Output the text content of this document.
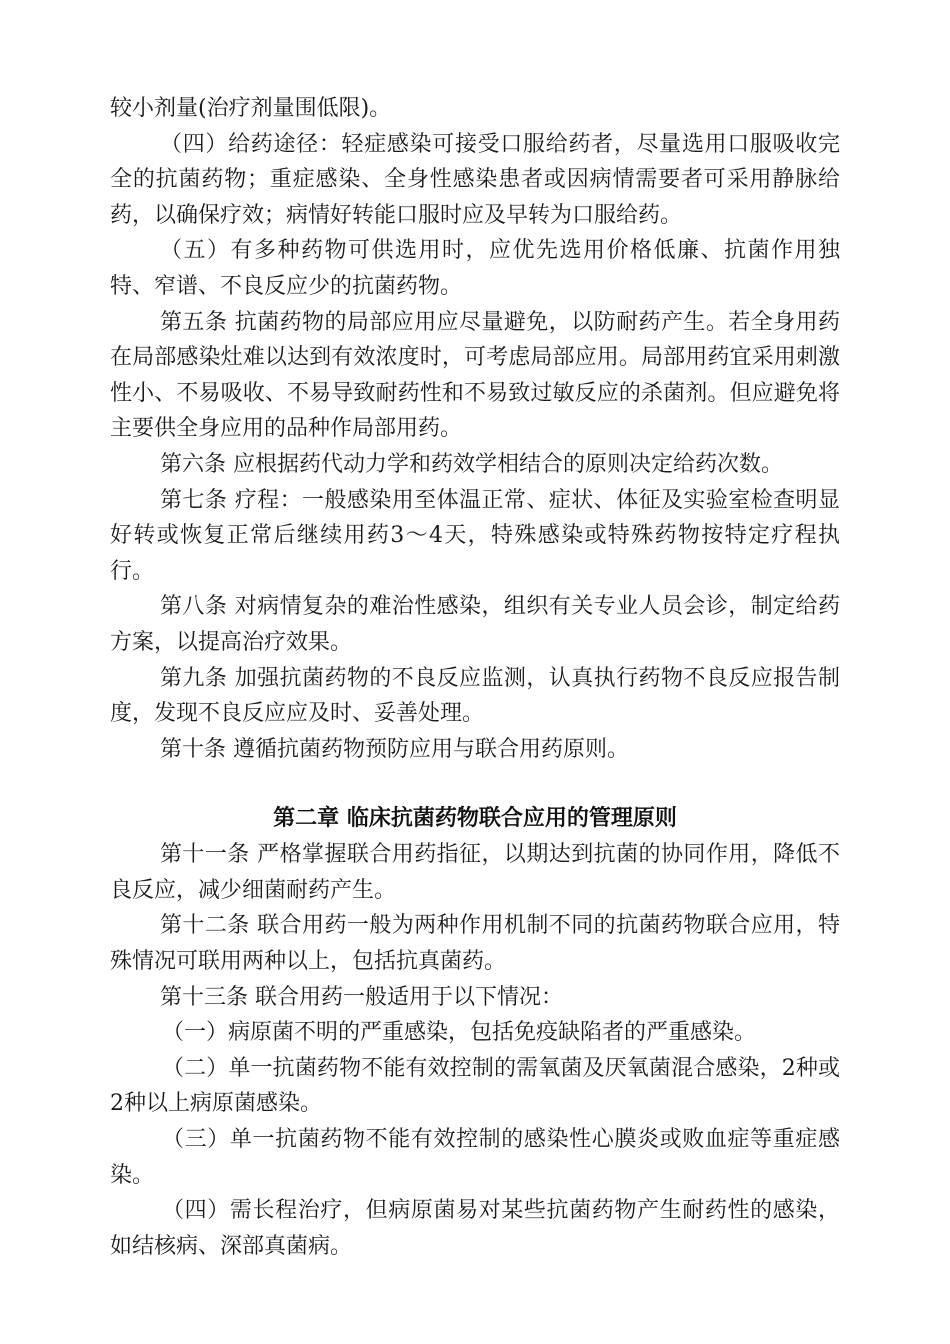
较小剂量(治疗剂量围低限)。

（四）给药途径：轻症感染可接受口服给药者，尽量选用口服吸收完全的抗菌药物；重症感染、全身性感染患者或因病情需要者可采用静脉给药，以确保疗效；病情好转能口服时应及早转为口服给药。

（五）有多种药物可供选用时，应优先选用价格低廉、抗菌作用独特、窄谱、不良反应少的抗菌药物。

第五条 抗菌药物的局部应用应尽量避免，以防耐药产生。若全身用药在局部感染灶难以达到有效浓度时，可考虑局部应用。局部用药宜采用刺激性小、不易吸收、不易导致耐药性和不易致过敏反应的杀菌剂。但应避免将主要供全身应用的品种作局部用药。

第六条 应根据药代动力学和药效学相结合的原则决定给药次数。

第七条 疗程：一般感染用至体温正常、症状、体征及实验室检查明显好转或恢复正常后继续用药3～4天，特殊感染或特殊药物按特定疗程执行。

第八条 对病情复杂的难治性感染，组织有关专业人员会诊，制定给药方案，以提高治疗效果。

第九条 加强抗菌药物的不良反应监测，认真执行药物不良反应报告制度，发现不良反应应及时、妥善处理。

第十条 遵循抗菌药物预防应用与联合用药原则。

第二章 临床抗菌药物联合应用的管理原则

第十一条 严格掌握联合用药指征，以期达到抗菌的协同作用，降低不良反应，减少细菌耐药产生。

第十二条 联合用药一般为两种作用机制不同的抗菌药物联合应用，特殊情况可联用两种以上，包括抗真菌药。

第十三条 联合用药一般适用于以下情况：

（一）病原菌不明的严重感染，包括免疫缺陷者的严重感染。

（二）单一抗菌药物不能有效控制的需氧菌及厌氧菌混合感染，2种或2种以上病原菌感染。

（三）单一抗菌药物不能有效控制的感染性心膜炎或败血症等重症感染。

（四）需长程治疗，但病原菌易对某些抗菌药物产生耐药性的感染，如结核病、深部真菌病。
